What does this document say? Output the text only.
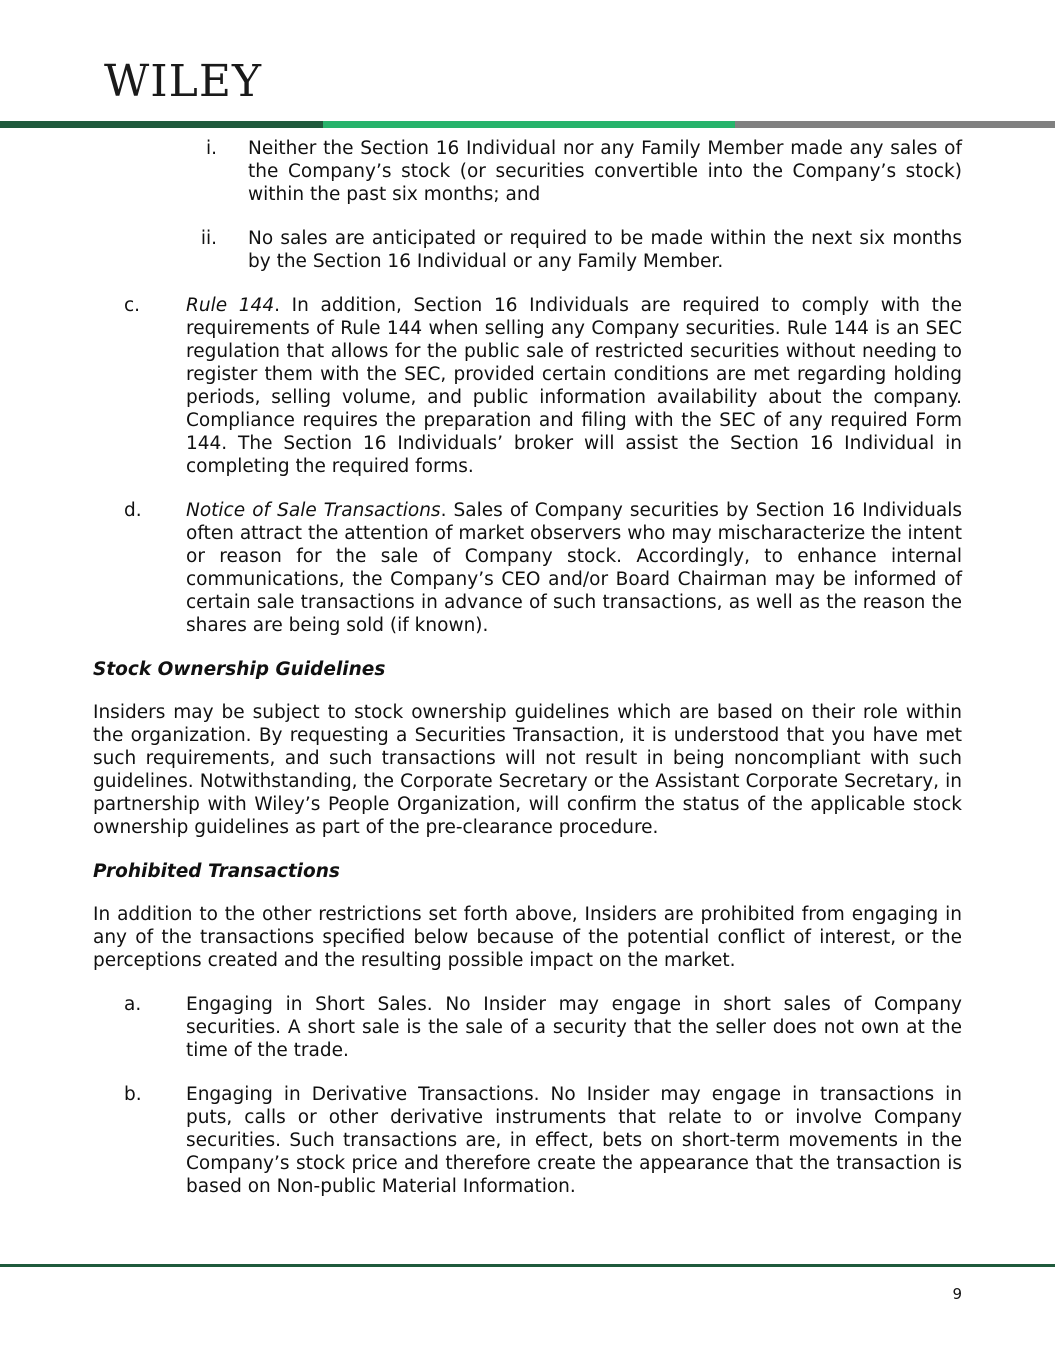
WILEY
i. Neither the Section 16 Individual nor any Family Member made any sales of the Company’s stock (or securities convertible into the Company’s stock) within the past six months; and
ii. No sales are anticipated or required to be made within the next six months by the Section 16 Individual or any Family Member.
c. Rule 144. In addition, Section 16 Individuals are required to comply with the requirements of Rule 144 when selling any Company securities. Rule 144 is an SEC regulation that allows for the public sale of restricted securities without needing to register them with the SEC, provided certain conditions are met regarding holding periods, selling volume, and public information availability about the company. Compliance requires the preparation and filing with the SEC of any required Form 144. The Section 16 Individuals’ broker will assist the Section 16 Individual in completing the required forms.
d. Notice of Sale Transactions. Sales of Company securities by Section 16 Individuals often attract the attention of market observers who may mischaracterize the intent or reason for the sale of Company stock. Accordingly, to enhance internal communications, the Company’s CEO and/or Board Chairman may be informed of certain sale transactions in advance of such transactions, as well as the reason the shares are being sold (if known).
Stock Ownership Guidelines
Insiders may be subject to stock ownership guidelines which are based on their role within the organization. By requesting a Securities Transaction, it is understood that you have met such requirements, and such transactions will not result in being noncompliant with such guidelines. Notwithstanding, the Corporate Secretary or the Assistant Corporate Secretary, in partnership with Wiley’s People Organization, will confirm the status of the applicable stock ownership guidelines as part of the pre-clearance procedure.
Prohibited Transactions
In addition to the other restrictions set forth above, Insiders are prohibited from engaging in any of the transactions specified below because of the potential conflict of interest, or the perceptions created and the resulting possible impact on the market.
a. Engaging in Short Sales. No Insider may engage in short sales of Company securities. A short sale is the sale of a security that the seller does not own at the time of the trade.
b. Engaging in Derivative Transactions. No Insider may engage in transactions in puts, calls or other derivative instruments that relate to or involve Company securities. Such transactions are, in effect, bets on short-term movements in the Company’s stock price and therefore create the appearance that the transaction is based on Non-public Material Information.
9
